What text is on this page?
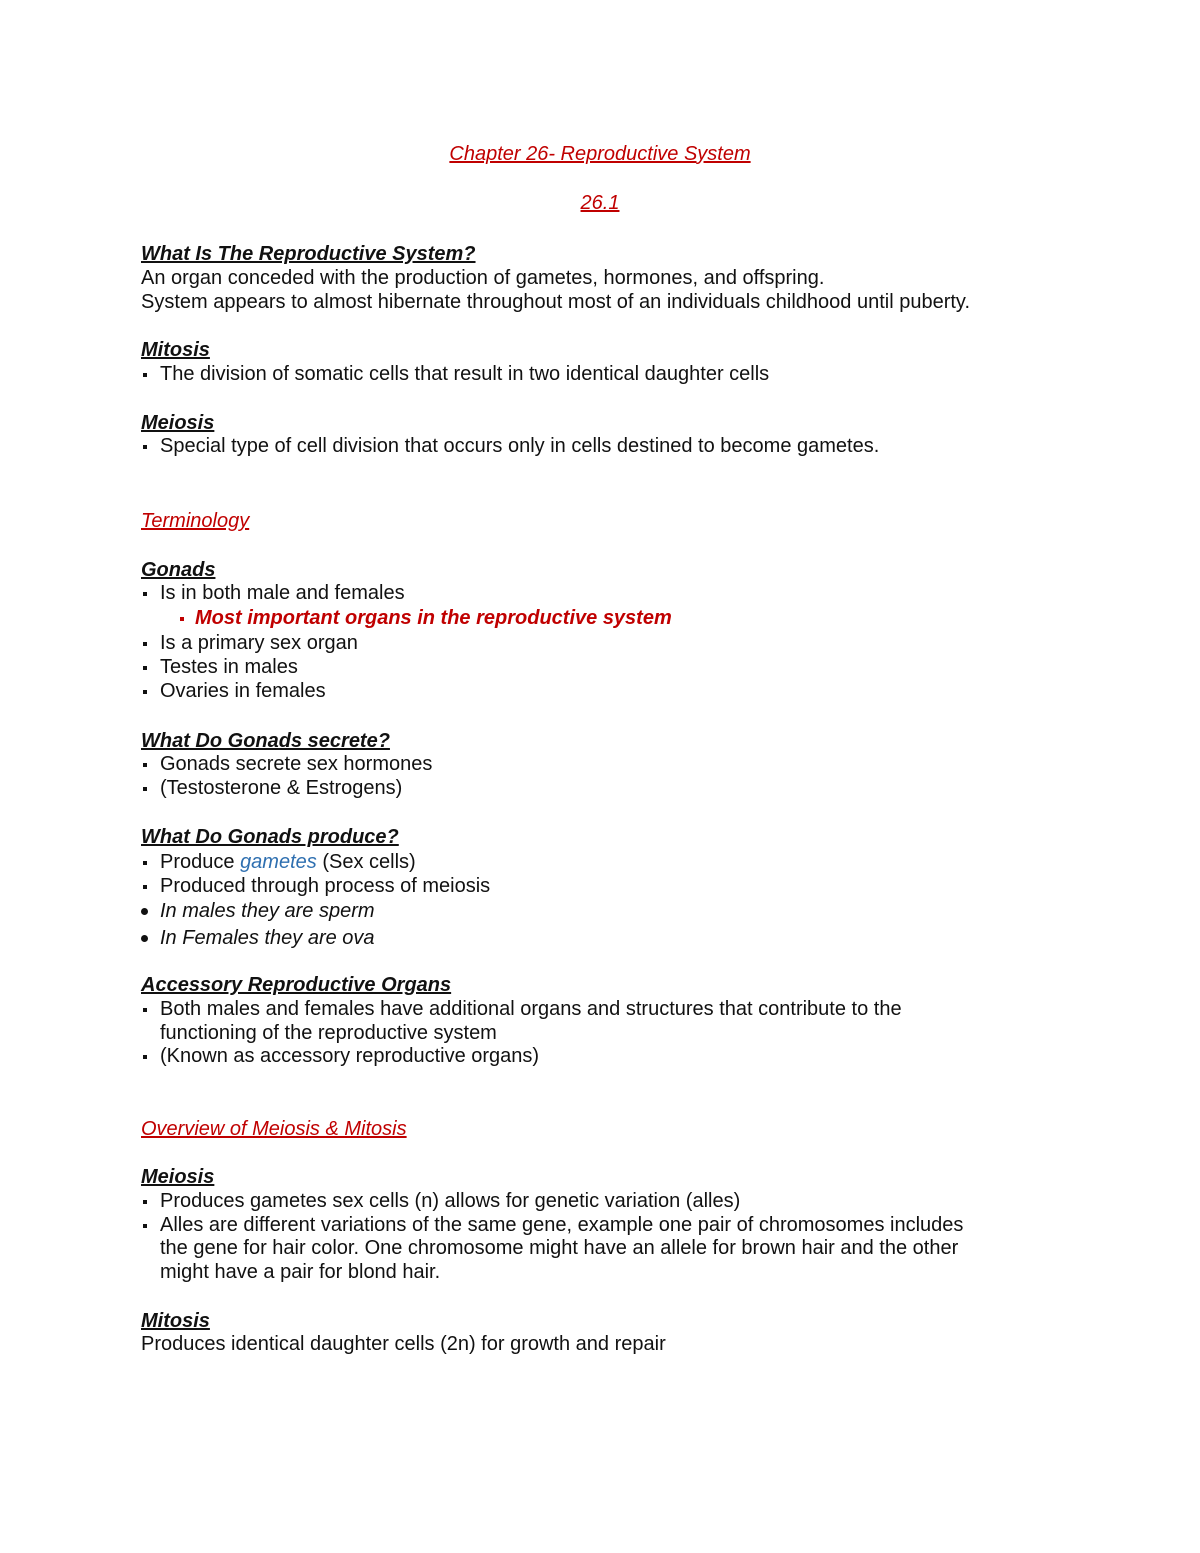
Chapter 26- Reproductive System
26.1
What Is The Reproductive System?
An organ conceded with the production of gametes, hormones, and offspring.
System appears to almost hibernate throughout most of an individuals childhood until puberty.
Mitosis
The division of somatic cells that result in two identical daughter cells
Meiosis
Special type of cell division that occurs only in cells destined to become gametes.
Terminology
Gonads
Is in both male and females
Most important organs in the reproductive system
Is a primary sex organ
Testes in males
Ovaries in females
What Do Gonads secrete?
Gonads secrete sex hormones
(Testosterone & Estrogens)
What Do Gonads produce?
Produce gametes (Sex cells)
Produced through process of meiosis
In males they are sperm
In Females they are ova
Accessory Reproductive Organs
Both males and females have additional organs and structures that contribute to the
functioning of the reproductive system
(Known as accessory reproductive organs)
Overview of Meiosis & Mitosis
Meiosis
Produces gametes sex cells (n) allows for genetic variation (alles)
Alles are different variations of the same gene, example one pair of chromosomes includes
the gene for hair color. One chromosome might have an allele for brown hair and the other
might have a pair for blond hair.
Mitosis
Produces identical daughter cells (2n) for growth and repair
